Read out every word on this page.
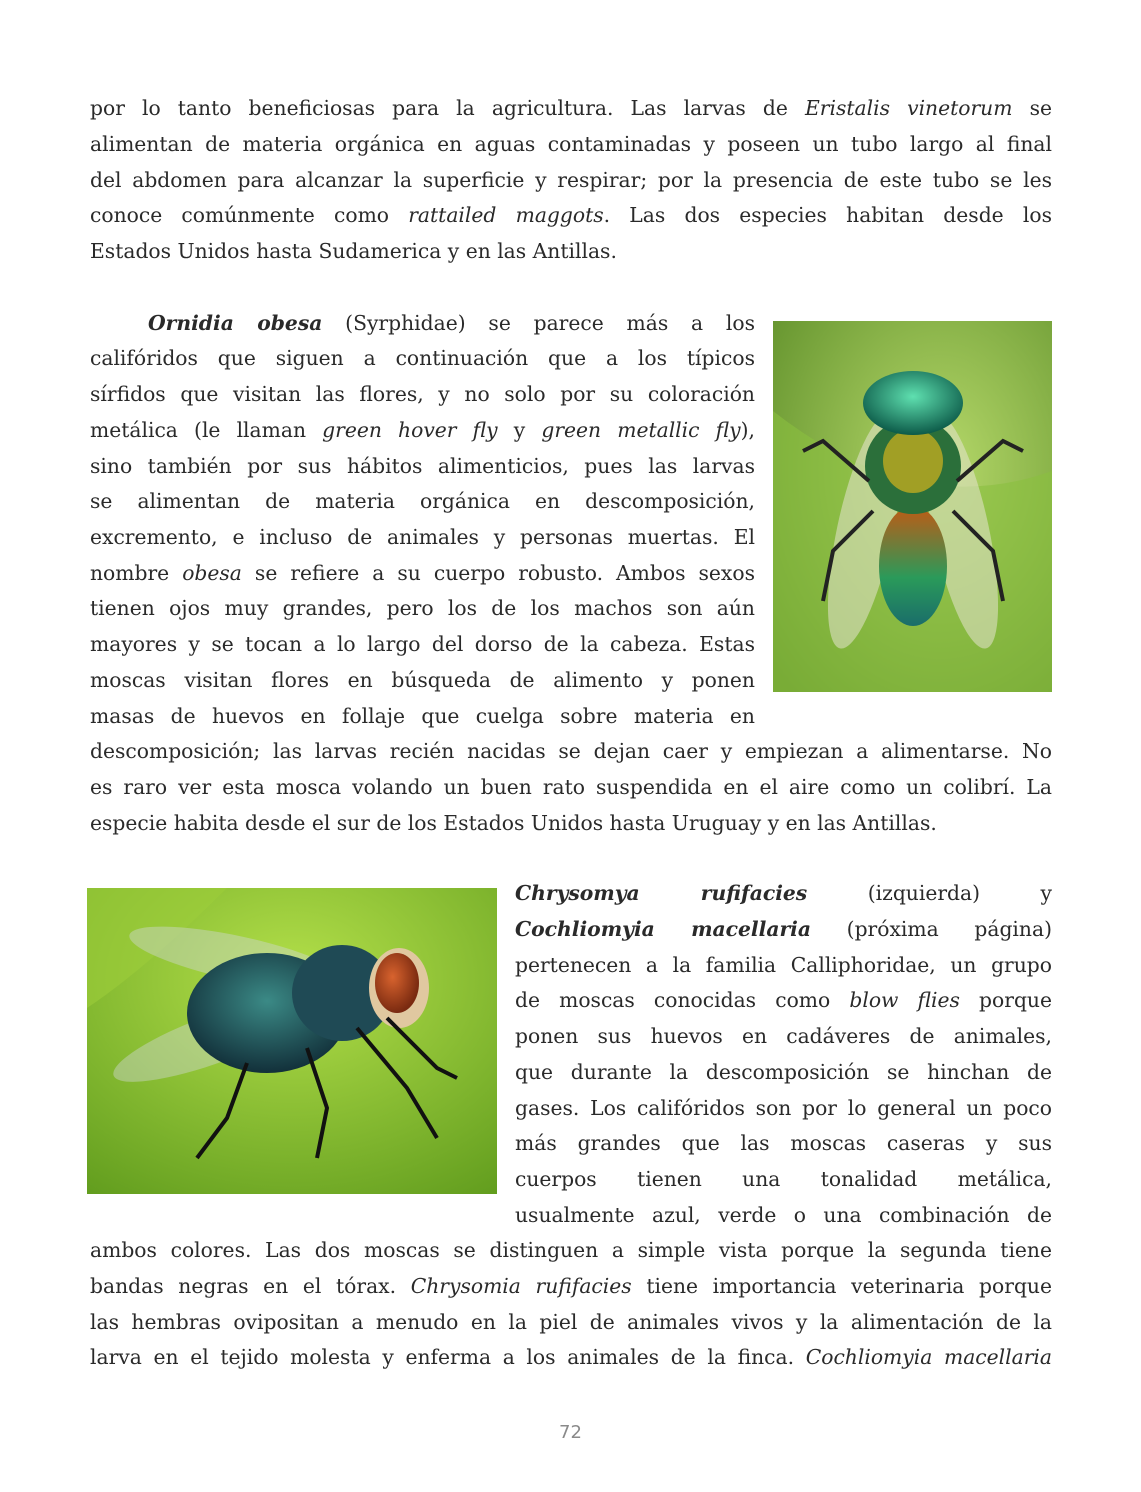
por lo tanto beneficiosas para la agricultura. Las larvas de Eristalis vinetorum se
alimentan de materia orgánica en aguas contaminadas y poseen un tubo largo al final
del abdomen para alcanzar la superficie y respirar; por la presencia de este tubo se les
conoce comúnmente como rattailed maggots. Las dos especies habitan desde los
Estados Unidos hasta Sudamerica y en las Antillas.
Ornidia obesa (Syrphidae) se parece más a los
califóridos que siguen a continuación que a los típicos
sírfidos que visitan las flores, y no solo por su coloración
metálica (le llaman green hover fly y green metallic fly),
sino también por sus hábitos alimenticios, pues las larvas
se alimentan de materia orgánica en descomposición,
excremento, e incluso de animales y personas muertas. El
nombre obesa se refiere a su cuerpo robusto. Ambos sexos
tienen ojos muy grandes, pero los de los machos son aún
mayores y se tocan a lo largo del dorso de la cabeza. Estas
moscas visitan flores en búsqueda de alimento y ponen
masas de huevos en follaje que cuelga sobre materia en
descomposición; las larvas recién nacidas se dejan caer y empiezan a alimentarse. No
es raro ver esta mosca volando un buen rato suspendida en el aire como un colibrí. La
especie habita desde el sur de los Estados Unidos hasta Uruguay y en las Antillas.
Chrysomya rufifacies (izquierda) y
Cochliomyia macellaria (próxima página)
pertenecen a la familia Calliphoridae, un grupo
de moscas conocidas como blow flies porque
ponen sus huevos en cadáveres de animales,
que durante la descomposición se hinchan de
gases. Los califóridos son por lo general un poco
más grandes que las moscas caseras y sus
cuerpos tienen una tonalidad metálica,
usualmente azul, verde o una combinación de
ambos colores. Las dos moscas se distinguen a simple vista porque la segunda tiene
bandas negras en el tórax. Chrysomia rufifacies tiene importancia veterinaria porque
las hembras ovipositan a menudo en la piel de animales vivos y la alimentación de la
larva en el tejido molesta y enferma a los animales de la finca. Cochliomyia macellaria
72
